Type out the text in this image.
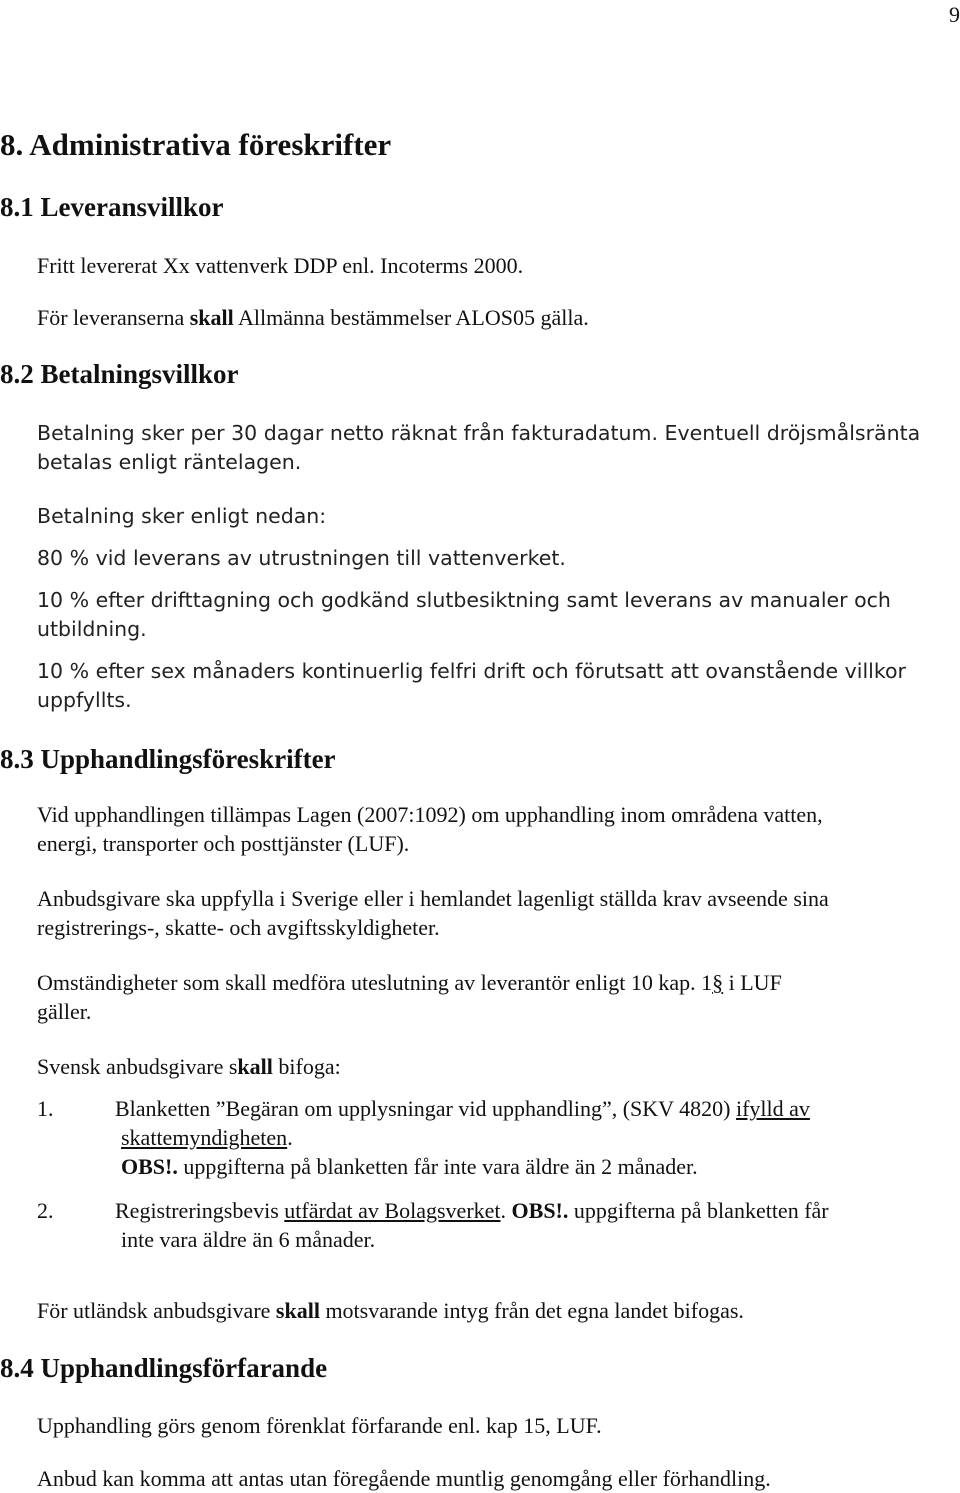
9
8. Administrativa föreskrifter
8.1 Leveransvillkor

Fritt levererat Xx vattenverk DDP enl. Incoterms 2000.

För leveranserna skall Allmänna bestämmelser ALOS05 gälla.

8.2 Betalningsvillkor

Betalning sker per 30 dagar netto räknat från fakturadatum. Eventuell dröjsmålsränta
betalas enligt räntelagen.

Betalning sker enligt nedan:

80 % vid leverans av utrustningen till vattenverket.

10 % efter drifttagning och godkänd slutbesiktning samt leverans av manualer och
utbildning.

10 % efter sex månaders kontinuerlig felfri drift och förutsatt att ovanstående villkor
uppfyllts.

8.3 Upphandlingsföreskrifter

Vid upphandlingen tillämpas Lagen (2007:1092) om upphandling inom områdena vatten,
energi, transporter och posttjänster (LUF).

Anbudsgivare ska uppfylla i Sverige eller i hemlandet lagenligt ställda krav avseende sina
registrerings-, skatte- och avgiftsskyldigheter.

Omständigheter som skall medföra uteslutning av leverantör enligt 10 kap. 1§ i LUF
gäller.

Svensk anbudsgivare skall bifoga:

1.	Blanketten ”Begäran om upplysningar vid upphandling”, (SKV 4820) ifylld av
skattemyndigheten.
OBS!. uppgifterna på blanketten får inte vara äldre än 2 månader.
2.	Registreringsbevis utfärdat av Bolagsverket. OBS!. uppgifterna på blanketten får
inte vara äldre än 6 månader.

För utländsk anbudsgivare skall motsvarande intyg från det egna landet bifogas.

8.4 Upphandlingsförfarande

Upphandling görs genom förenklat förfarande enl. kap 15, LUF.

Anbud kan komma att antas utan föregående muntlig genomgång eller förhandling.
